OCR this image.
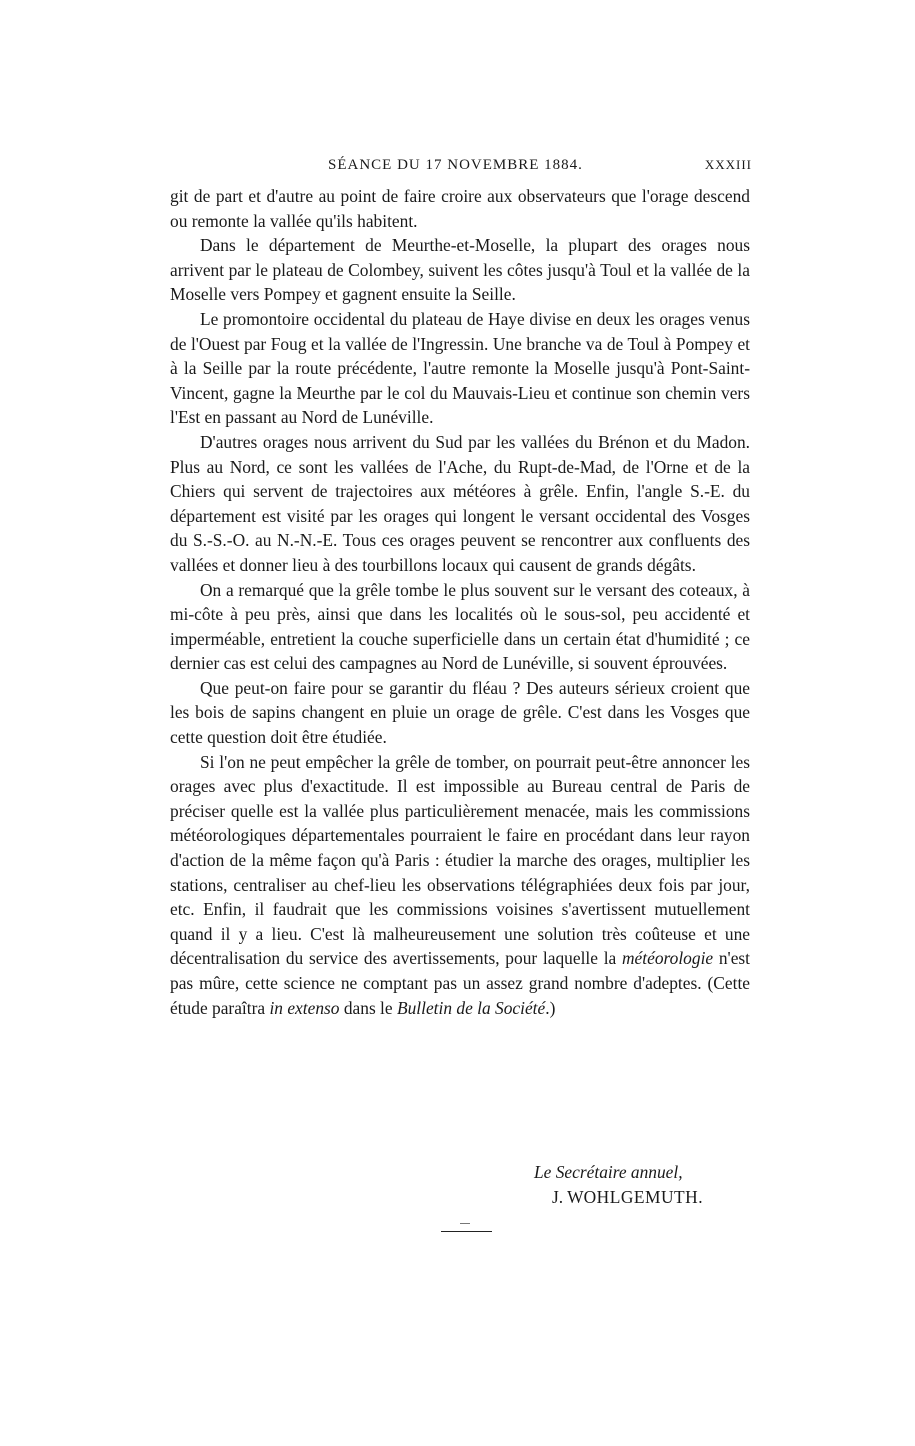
SÉANCE DU 17 NOVEMBRE 1884.	XXXIII

git de part et d'autre au point de faire croire aux observateurs que l'orage descend ou remonte la vallée qu'ils habitent.

Dans le département de Meurthe-et-Moselle, la plupart des orages nous arrivent par le plateau de Colombey, suivent les côtes jusqu'à Toul et la vallée de la Moselle vers Pompey et gagnent ensuite la Seille.

Le promontoire occidental du plateau de Haye divise en deux les orages venus de l'Ouest par Foug et la vallée de l'Ingressin. Une branche va de Toul à Pompey et à la Seille par la route précédente, l'autre remonte la Moselle jusqu'à Pont-Saint-Vincent, gagne la Meurthe par le col du Mauvais-Lieu et continue son chemin vers l'Est en passant au Nord de Lunéville.

D'autres orages nous arrivent du Sud par les vallées du Brénon et du Madon. Plus au Nord, ce sont les vallées de l'Ache, du Rupt-de-Mad, de l'Orne et de la Chiers qui servent de trajectoires aux météores à grêle. Enfin, l'angle S.-E. du département est visité par les orages qui longent le versant occidental des Vosges du S.-S.-O. au N.-N.-E. Tous ces orages peuvent se rencontrer aux confluents des vallées et donner lieu à des tourbillons locaux qui causent de grands dégâts.

On a remarqué que la grêle tombe le plus souvent sur le versant des coteaux, à mi-côte à peu près, ainsi que dans les localités où le sous-sol, peu accidenté et imperméable, entretient la couche superficielle dans un certain état d'humidité ; ce dernier cas est celui des campagnes au Nord de Lunéville, si souvent éprouvées.

Que peut-on faire pour se garantir du fléau ? Des auteurs sérieux croient que les bois de sapins changent en pluie un orage de grêle. C'est dans les Vosges que cette question doit être étudiée.

Si l'on ne peut empêcher la grêle de tomber, on pourrait peut-être annoncer les orages avec plus d'exactitude. Il est impossible au Bureau central de Paris de préciser quelle est la vallée plus particulièrement menacée, mais les commissions météorologiques départementales pourraient le faire en procédant dans leur rayon d'action de la même façon qu'à Paris : étudier la marche des orages, multiplier les stations, centraliser au chef-lieu les observations télégraphiées deux fois par jour, etc. Enfin, il faudrait que les commissions voisines s'avertissent mutuellement quand il y a lieu. C'est là malheureusement une solution très coûteuse et une décentralisation du service des avertissements, pour laquelle la météorologie n'est pas mûre, cette science ne comptant pas un assez grand nombre d'adeptes. (Cette étude paraîtra in extenso dans le Bulletin de la Société.)

Le Secrétaire annuel,
J. WOHLGEMUTH.
